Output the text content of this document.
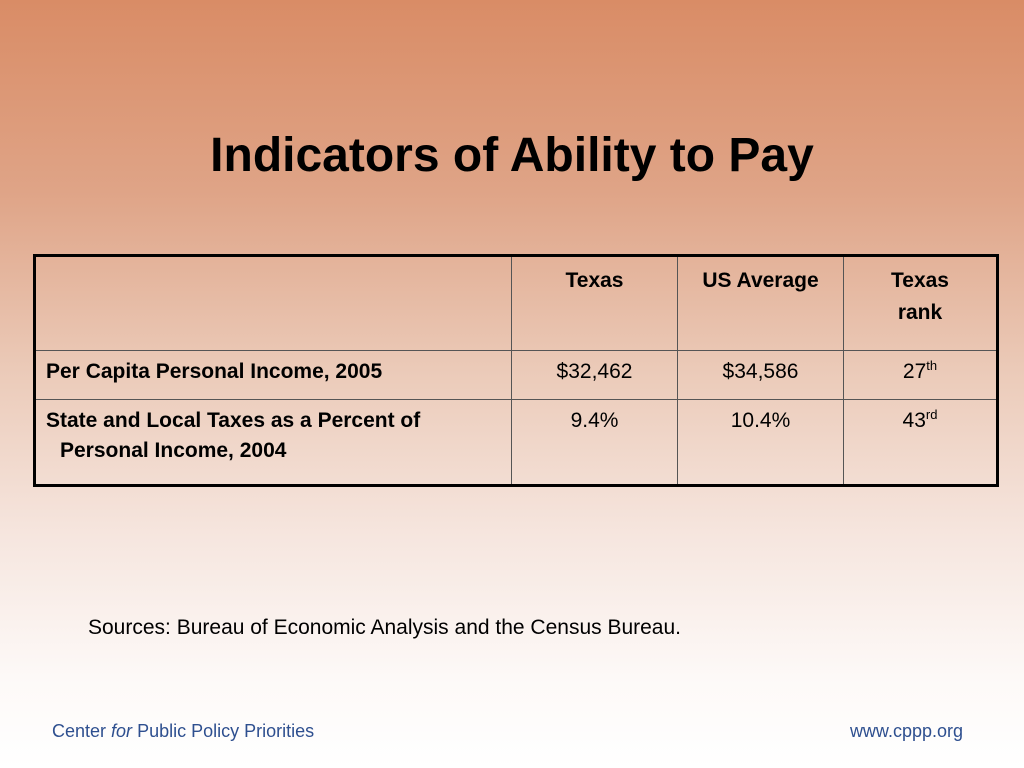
Indicators of Ability to Pay
	Texas	US Average	Texas
rank
Per Capita Personal Income, 2005	$32,462	$34,586	27th
State and Local Taxes as a Percent of
Personal Income, 2004	9.4%	10.4%	43rd
Sources: Bureau of Economic Analysis and the Census Bureau.
Center for Public Policy Priorities	www.cppp.org
